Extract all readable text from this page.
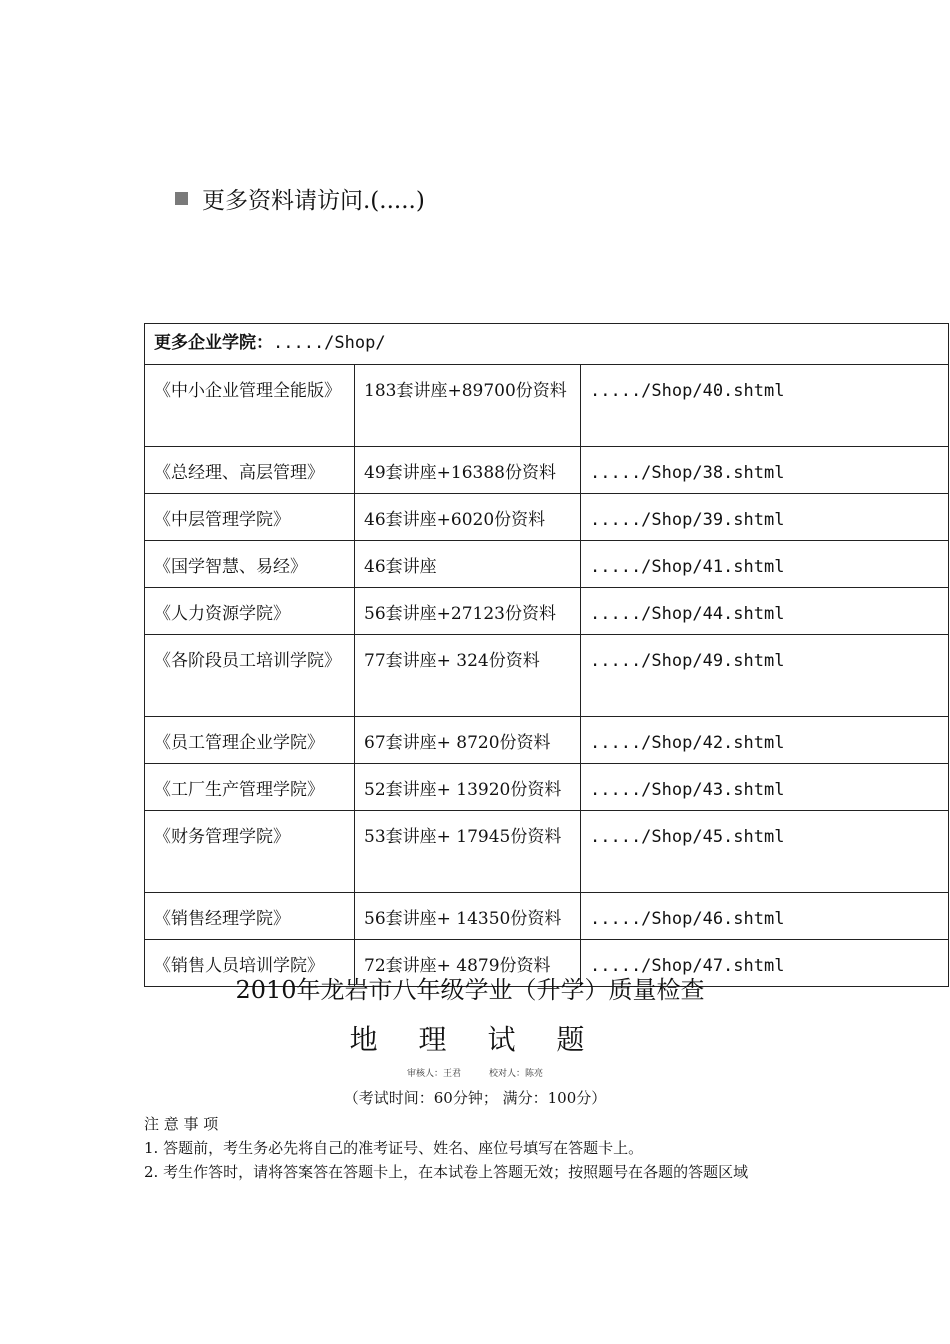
更多资料请访问.(.....)
更多企业学院：...../Shop/		
《中小企业管理全能版》	183套讲座+89700份资料	...../Shop/40.shtml
《总经理、高层管理》	49套讲座+16388份资料	...../Shop/38.shtml
《中层管理学院》	46套讲座+6020份资料	...../Shop/39.shtml
《国学智慧、易经》	46套讲座	...../Shop/41.shtml
《人力资源学院》	56套讲座+27123份资料	...../Shop/44.shtml
《各阶段员工培训学院》	77套讲座+ 324份资料	...../Shop/49.shtml
《员工管理企业学院》	67套讲座+ 8720份资料	...../Shop/42.shtml
《工厂生产管理学院》	52套讲座+ 13920份资料	...../Shop/43.shtml
《财务管理学院》	53套讲座+ 17945份资料	...../Shop/45.shtml
《销售经理学院》	56套讲座+ 14350份资料	...../Shop/46.shtml
《销售人员培训学院》	72套讲座+ 4879份资料	...../Shop/47.shtml
2010年龙岩市八年级学业（升学）质量检查
地 理 试 题
审核人：王君	校对人：陈亮
（考试时间：60分钟； 满分：100分）
注 意 事 项
1. 答题前，考生务必先将自己的准考证号、姓名、座位号填写在答题卡上。
2. 考生作答时，请将答案答在答题卡上，在本试卷上答题无效；按照题号在各题的答题区域
